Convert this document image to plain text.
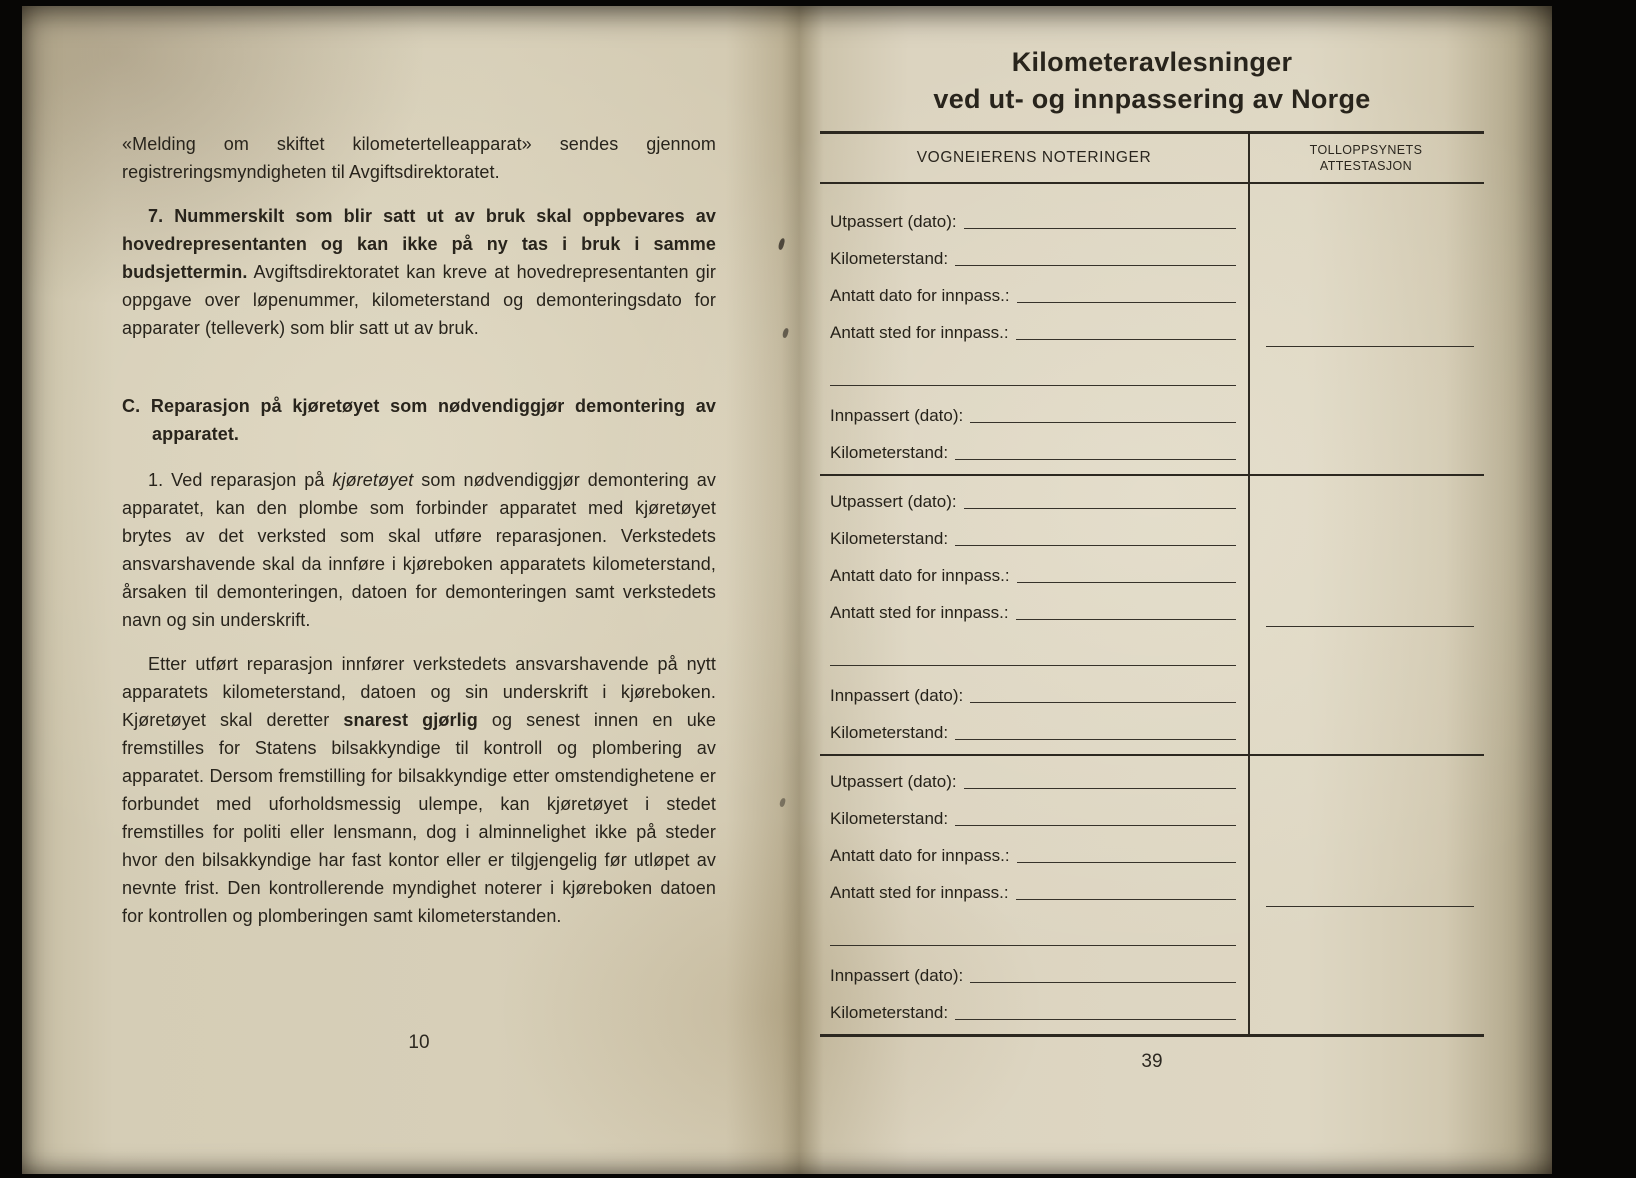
«Melding om skiftet kilometertelleapparat» sendes gjennom registreringsmyndigheten til Avgiftsdirektoratet.

7. Nummerskilt som blir satt ut av bruk skal oppbevares av hovedrepresentanten og kan ikke på ny tas i bruk i samme budsjettermin. Avgiftsdirektoratet kan kreve at hovedrepresentanten gir oppgave over løpenummer, kilometerstand og demonteringsdato for apparater (telleverk) som blir satt ut av bruk.

C. Reparasjon på kjøretøyet som nødvendiggjør demontering av apparatet.

1. Ved reparasjon på kjøretøyet som nødvendiggjør demontering av apparatet, kan den plombe som forbinder apparatet med kjøretøyet brytes av det verksted som skal utføre reparasjonen. Verkstedets ansvarshavende skal da innføre i kjøreboken apparatets kilometerstand, årsaken til demonteringen, datoen for demonteringen samt verkstedets navn og sin underskrift.

Etter utført reparasjon innfører verkstedets ansvarshavende på nytt apparatets kilometerstand, datoen og sin underskrift i kjøreboken. Kjøretøyet skal deretter snarest gjørlig og senest innen en uke fremstilles for Statens bilsakkyndige til kontroll og plombering av apparatet. Dersom fremstilling for bilsakkyndige etter omstendighetene er forbundet med uforholdsmessig ulempe, kan kjøretøyet i stedet fremstilles for politi eller lensmann, dog i alminnelighet ikke på steder hvor den bilsakkyndige har fast kontor eller er tilgjengelig før utløpet av nevnte frist. Den kontrollerende myndighet noterer i kjøreboken datoen for kontrollen og plomberingen samt kilometerstanden.

10
Kilometeravlesninger
ved ut- og innpassering av Norge
VOGNEIERENS NOTERINGER	TOLLOPPSYNETS
ATTESTASJON
Utpassert (dato):
Kilometerstand:
Antatt dato for innpass.:
Antatt sted for innpass.:
Innpassert (dato):
Kilometerstand:
Utpassert (dato):
Kilometerstand:
Antatt dato for innpass.:
Antatt sted for innpass.:
Innpassert (dato):
Kilometerstand:
Utpassert (dato):
Kilometerstand:
Antatt dato for innpass.:
Antatt sted for innpass.:
Innpassert (dato):
Kilometerstand:
39
